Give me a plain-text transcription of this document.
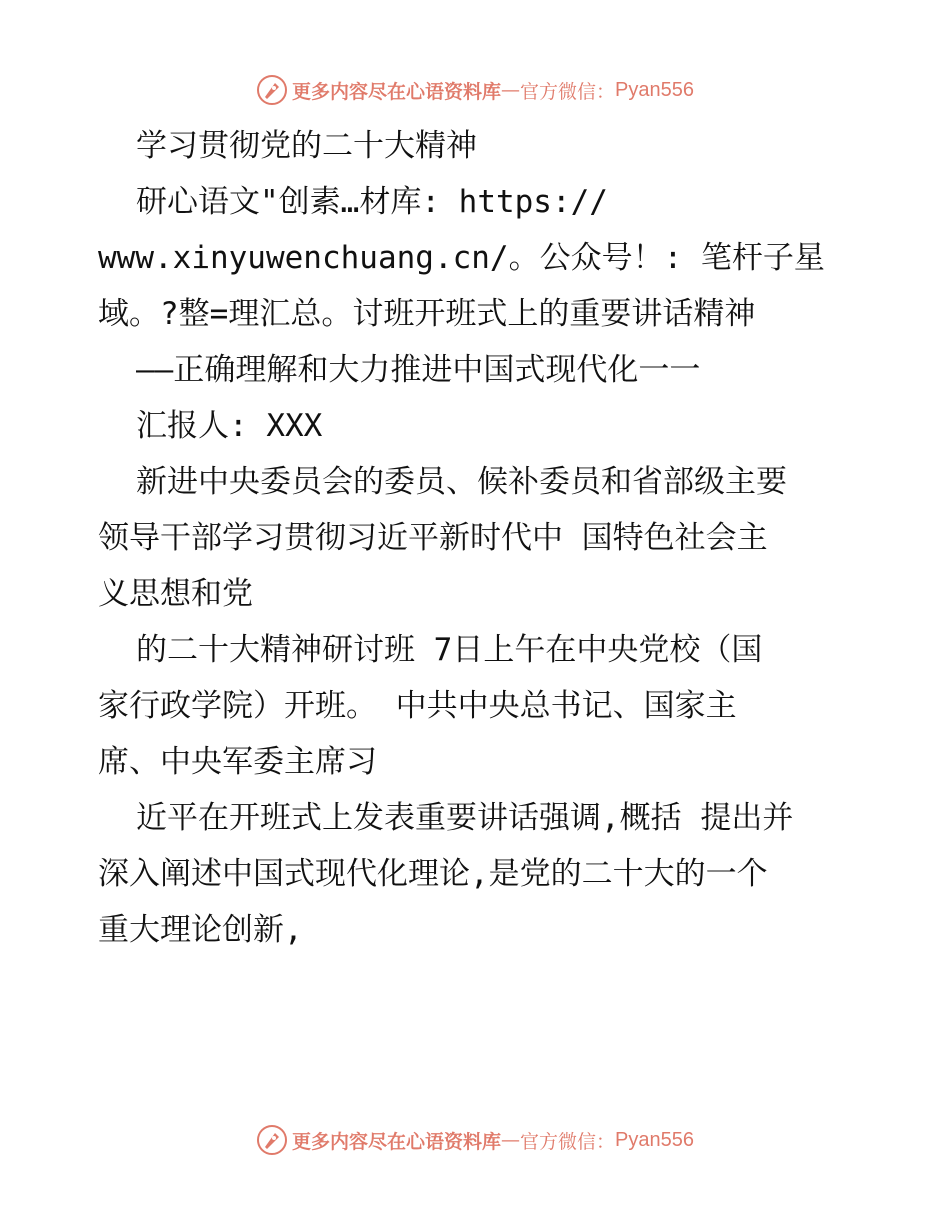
更多内容尽在心语资料库 — 官方微信： Pyan556
学习贯彻党的二十大精神
研心语文"创素…材库: https://
www.xinyuwenchuang.cn/。公众号！: 笔杆子星
域。?整=理汇总。讨班开班式上的重要讲话精神
——正确理解和大力推进中国式现代化一一
汇报人: XXX
新进中央委员会的委员、候补委员和省部级主要
领导干部学习贯彻习近平新时代中 国特色社会主
义思想和党
的二十大精神研讨班 7日上午在中央党校（国
家行政学院）开班。 中共中央总书记、国家主
席、中央军委主席习
近平在开班式上发表重要讲话强调,概括 提出并
深入阐述中国式现代化理论,是党的二十大的一个
重大理论创新,
更多内容尽在心语资料库 — 官方微信： Pyan556
